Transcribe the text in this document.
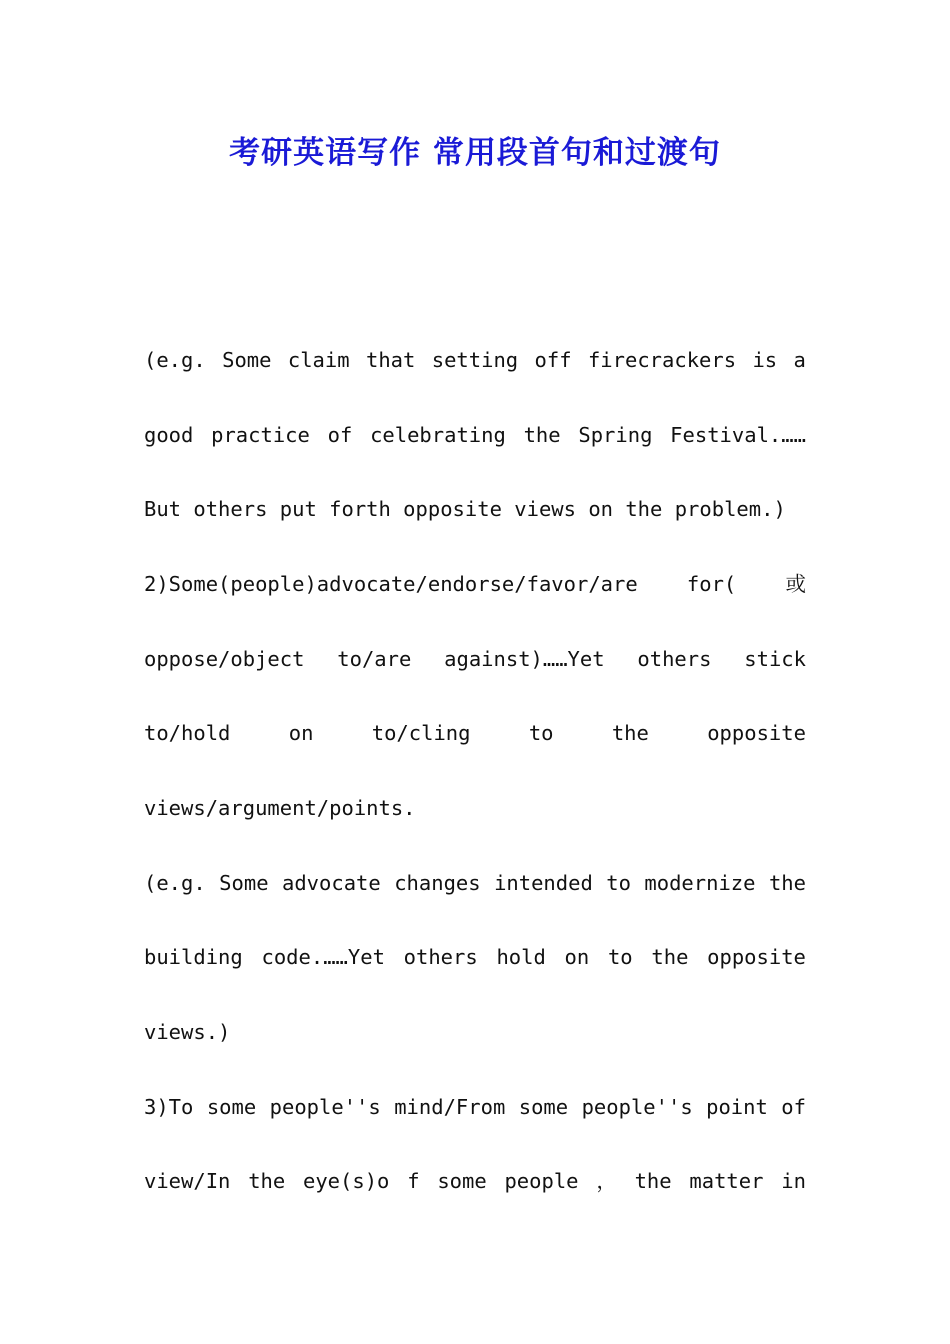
考研英语写作 常用段首句和过渡句

(e.g. Some claim that setting off firecrackers is a

good practice of celebrating the Spring Festival.……

But others put forth opposite views on the problem.)

2)Some(people)advocate/endorse/favor/are for( 或

oppose/object to/are against)……Yet others stick

to/hold	on	to/cling	to	the	opposite

views/argument/points.

(e.g. Some advocate changes intended to modernize the

building code.……Yet others hold on to the opposite

views.)

3)To some people''s mind/From some people''s point of

view/In the eye(s)o f some people ， the matter in
